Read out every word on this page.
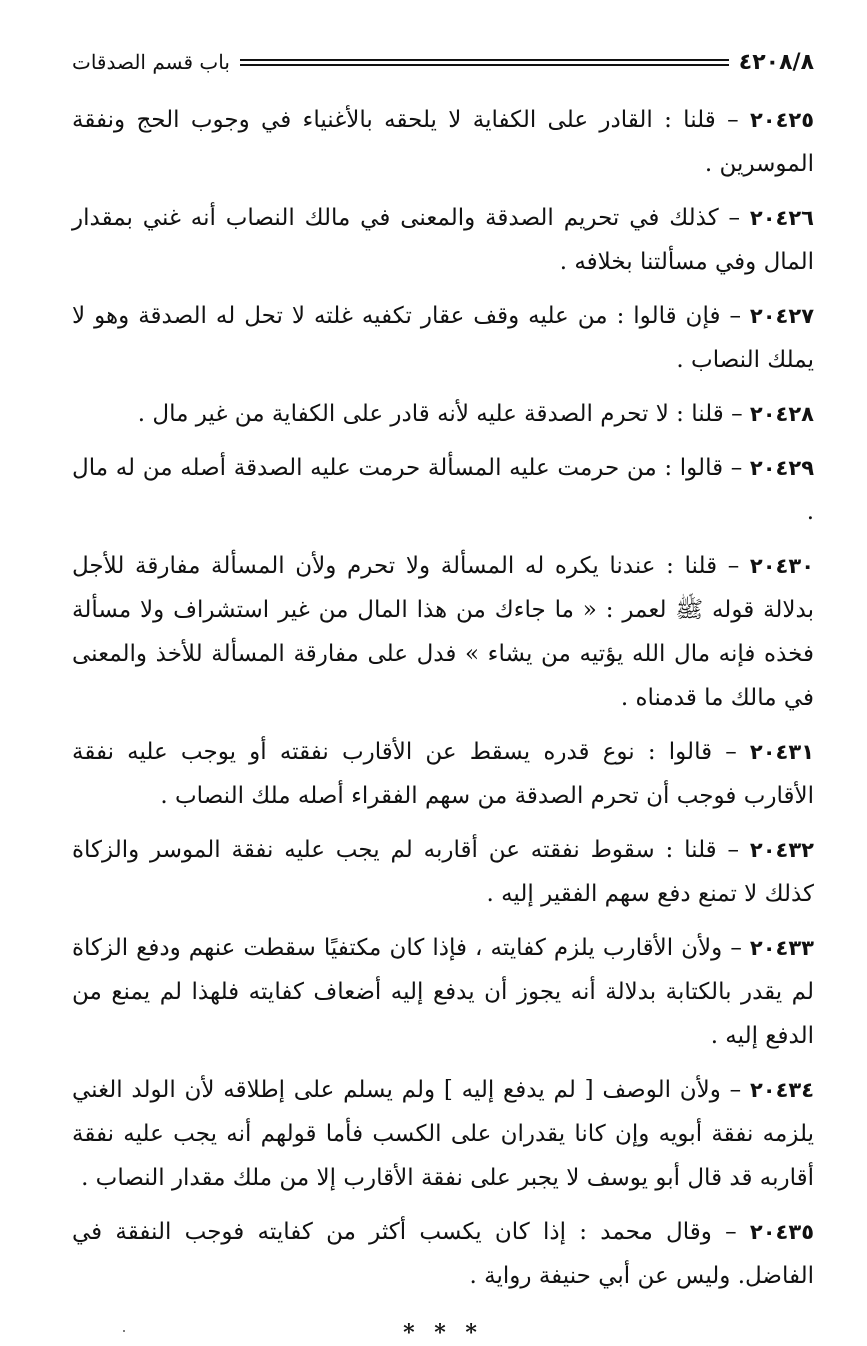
٤٢٠٨/٨
باب قسم الصدقات

٢٠٤٢٥ – قلنا : القادر على الكفاية لا يلحقه بالأغنياء في وجوب الحج ونفقة الموسرين .

٢٠٤٢٦ – كذلك في تحريم الصدقة والمعنى في مالك النصاب أنه غني بمقدار المال وفي مسألتنا بخلافه .

٢٠٤٢٧ – فإن قالوا : من عليه وقف عقار تكفيه غلته لا تحل له الصدقة وهو لا يملك النصاب .

٢٠٤٢٨ – قلنا : لا تحرم الصدقة عليه لأنه قادر على الكفاية من غير مال .

٢٠٤٢٩ – قالوا : من حرمت عليه المسألة حرمت عليه الصدقة أصله من له مال .

٢٠٤٣٠ – قلنا : عندنا يكره له المسألة ولا تحرم ولأن المسألة مفارقة للأجل بدلالة قوله ﷺ لعمر : « ما جاءك من هذا المال من غير استشراف ولا مسألة فخذه فإنه مال الله يؤتيه من يشاء » فدل على مفارقة المسألة للأخذ والمعنى في مالك ما قدمناه .

٢٠٤٣١ – قالوا : نوع قدره يسقط عن الأقارب نفقته أو يوجب عليه نفقة الأقارب فوجب أن تحرم الصدقة من سهم الفقراء أصله ملك النصاب .

٢٠٤٣٢ – قلنا : سقوط نفقته عن أقاربه لم يجب عليه نفقة الموسر والزكاة كذلك لا تمنع دفع سهم الفقير إليه .

٢٠٤٣٣ – ولأن الأقارب يلزم كفايته ، فإذا كان مكتفيًا سقطت عنهم ودفع الزكاة لم يقدر بالكتابة بدلالة أنه يجوز أن يدفع إليه أضعاف كفايته فلهذا لم يمنع من الدفع إليه .

٢٠٤٣٤ – ولأن الوصف [ لم يدفع إليه ] ولم يسلم على إطلاقه لأن الولد الغني يلزمه نفقة أبويه وإن كانا يقدران على الكسب فأما قولهم أنه يجب عليه نفقة أقاربه قد قال أبو يوسف لا يجبر على نفقة الأقارب إلا من ملك مقدار النصاب .

٢٠٤٣٥ – وقال محمد : إذا كان يكسب أكثر من كفايته فوجب النفقة في الفاضل. وليس عن أبي حنيفة رواية .

* * *
